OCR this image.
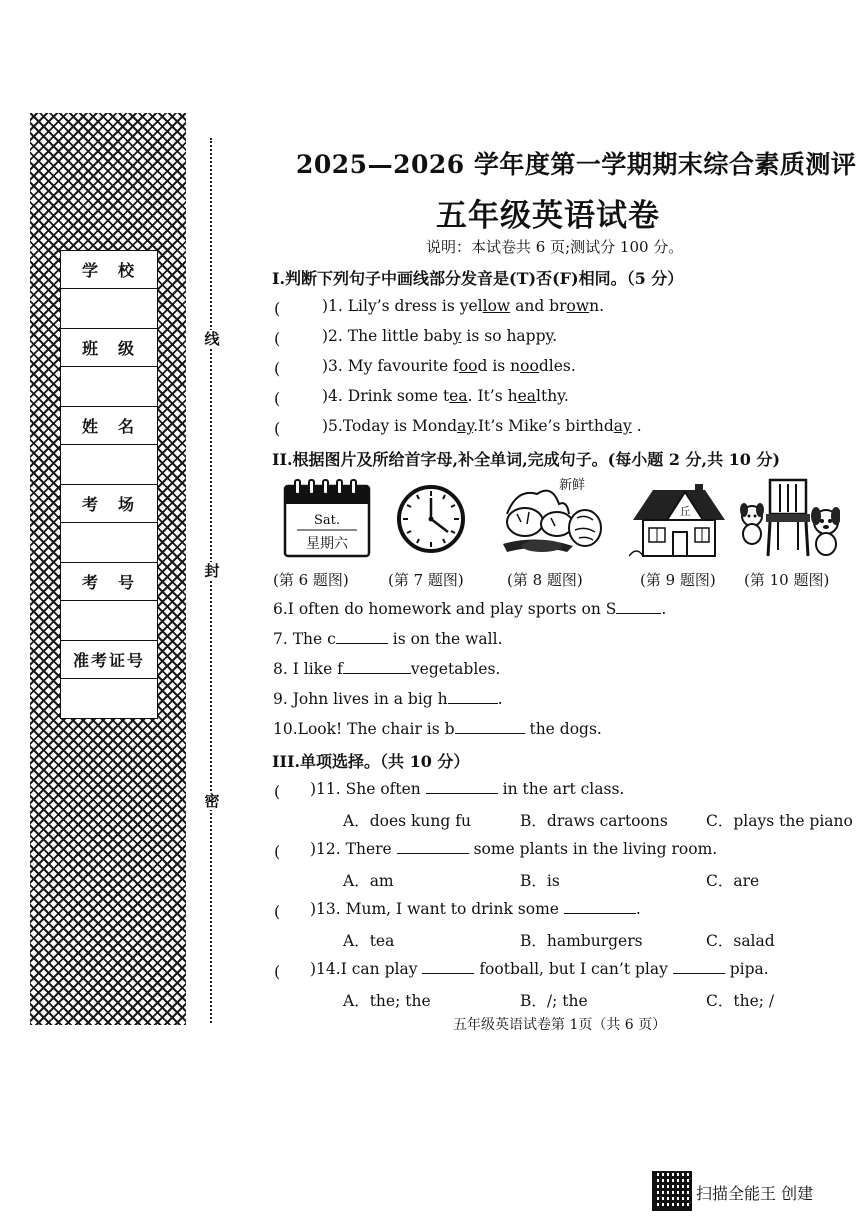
学　校
班　级
姓　名
考　场
考　号
准考证号
线
封
密
2025—2026 学年度第一学期期末综合素质测评
五年级英语试卷
说明：本试卷共 6 页;测试分 100 分。
I.判断下列句子中画线部分发音是(T)否(F)相同。（5 分）
(　　　
)1. Lily’s dress is yellow and brown.
(　　　
)2. The little baby is so happy.
(　　　
)3. My favourite food is noodles.
(　　　
)4. Drink some tea. It’s healthy.
(　　　
)5.Today is Monday.It’s Mike’s birthday .
II.根据图片及所给首字母,补全单词,完成句子。(每小题 2 分,共 10 分)
Sat.
星期六
新鲜
丘
(第 6 题图)	(第 7 题图)	(第 8 题图)	(第 9 题图) (第 10 题图)
6.I often do homework and play sports on S	.
7. The c	is on the wall.
8. I like f	vegetables.
9. John lives in a big h	.
10.Look! The chair is b	the dogs.
III.单项选择。（共 10 分）
(　　
)11. She often	in the art class.
A．does kung fu	B．draws cartoons C．plays the piano
(　　
)12. There	some plants in the living room.
A．am	B．is	C．are
(　　
)13. Mum, I want to drink some	.
A．tea	B．hamburgers	C．salad
(　　
)14.I can play	football, but I can’t play	pipa.
A．the; the	B．/; the	C．the; /
五年级英语试卷第 1页（共 6 页）
扫描全能王 创建
